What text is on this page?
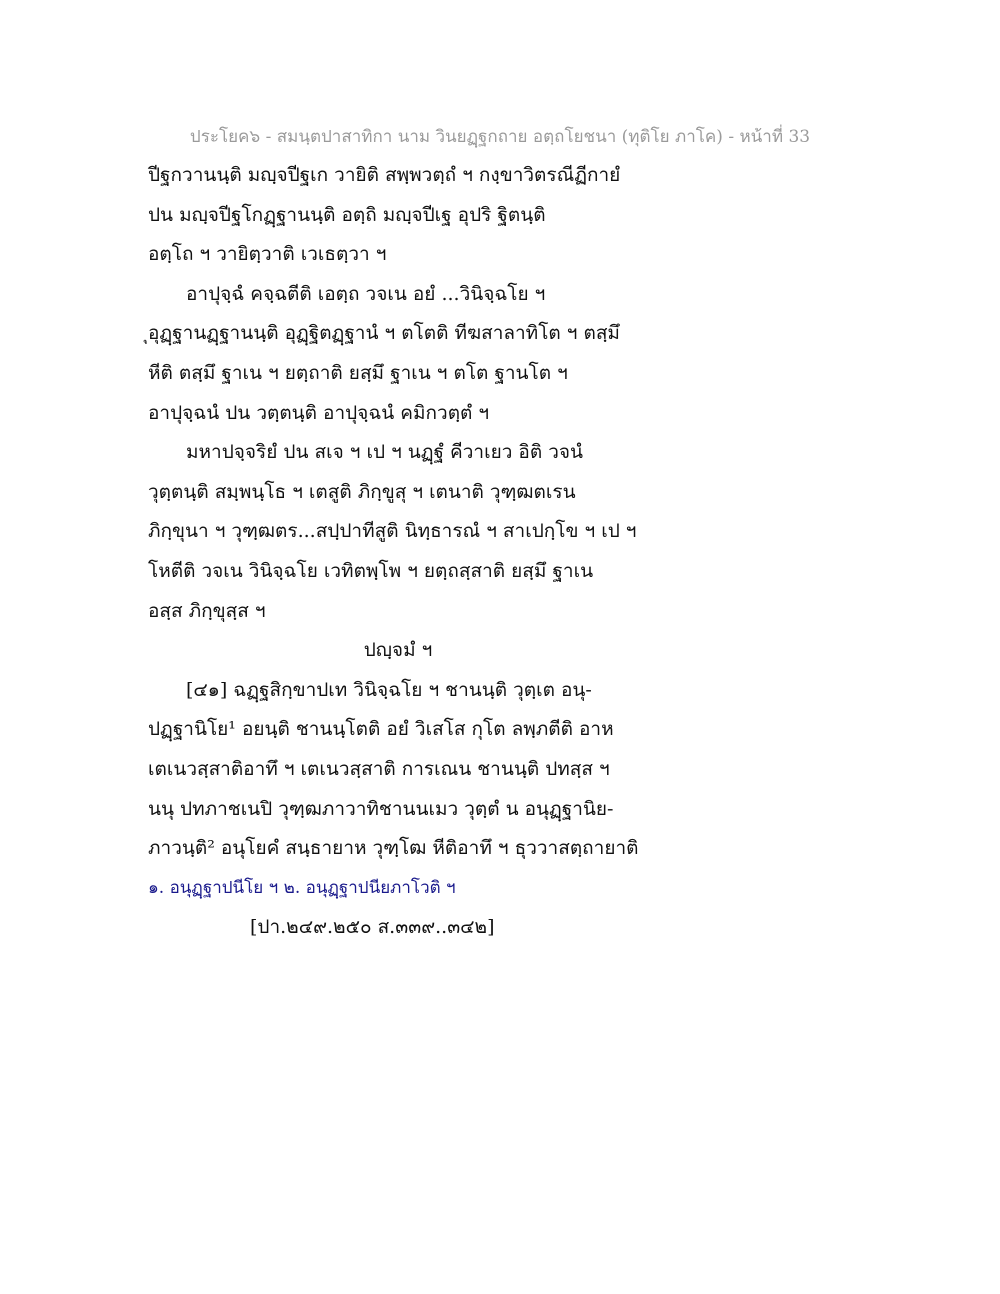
ประโยค๖ - สมนฺตปาสาทิกา นาม วินยฏฺฐกถาย อตฺถโยชนา (ทุติโย ภาโค) - หน้าที่ 33
ปีฐกวานนฺติ มญฺจปีฐเก วายิติ สพฺพวตฺถํ ฯ กงฺขาวิตรณีฏีกายํ
ปน มญฺจปีฐโกฏฺฐานนฺติ อตฺถิ มญฺจปีเฐ อุปริ ฐิตนฺติ
อตฺโถ ฯ วายิตฺวาติ เวเธตฺวา ฯ
อาปุจฺฉํ คจฺฉตีติ เอตฺถ วจเน อยํ ...วินิจฺฉโย ฯ
ุอุฏฺฐานฏฺฐานนฺติ อุฏฺฐิตฏฺฐานํ ฯ ตโตติ ทีฆสาลาทิโต ฯ ตสฺมึ
หีติ ตสฺมึ ฐาเน ฯ ยตฺถาติ ยสฺมึ ฐาเน ฯ ตโต ฐานโต ฯ
อาปุจฺฉนํ ปน วตฺตนฺติ อาปุจฺฉนํ คมิกวตฺตํ ฯ
มหาปจฺจริยํ ปน สเจ ฯ เป ฯ นฏฺฐํ คีวาเยว อิติ วจนํ
วุตฺตนฺติ สมฺพนฺโธ ฯ เตสูติ ภิกฺขูสุ ฯ เตนาติ วุฑฺฒตเรน
ภิกฺขุนา ฯ วุฑฺฒตร...สปฺปาทีสูติ นิทฺธารณํ ฯ สาเปกฺโข ฯ เป ฯ
โหตีติ วจเน วินิจฺฉโย เวทิตพฺโพ ฯ ยตฺถสฺสาติ ยสฺมึ ฐาเน
อสฺส ภิกฺขุสฺส ฯ
ปญฺจมํ ฯ
[๔๑] ฉฏฺฐสิกฺขาปเท วินิจฺฉโย ฯ ชานนฺติ วุตฺเต อนุ-
ปฏฺฐานิโย¹ อยนฺติ ชานนฺโตติ อยํ วิเสโส กุโต ลพฺภตีติ อาห
เตเนวสฺสาติอาทึ ฯ เตเนวสฺสาติ การเณน ชานนฺติ ปทสฺส ฯ
นนุ ปทภาชเนปิ วุฑฺฒภาวาทิชานนเมว วุตฺตํ น อนุฏฺฐานิย-
ภาวนฺติ² อนุโยคํ สนฺธายาห วุฑฺโฒ หีติอาทึ ฯ ธุววาสตฺถายาติ
๑. อนุฏฺฐาปนีโย ฯ ๒. อนุฏฺฐาปนียภาโวติ ฯ
[ปา.๒๔๙.๒๕๐ ส.๓๓๙..๓๔๒]
